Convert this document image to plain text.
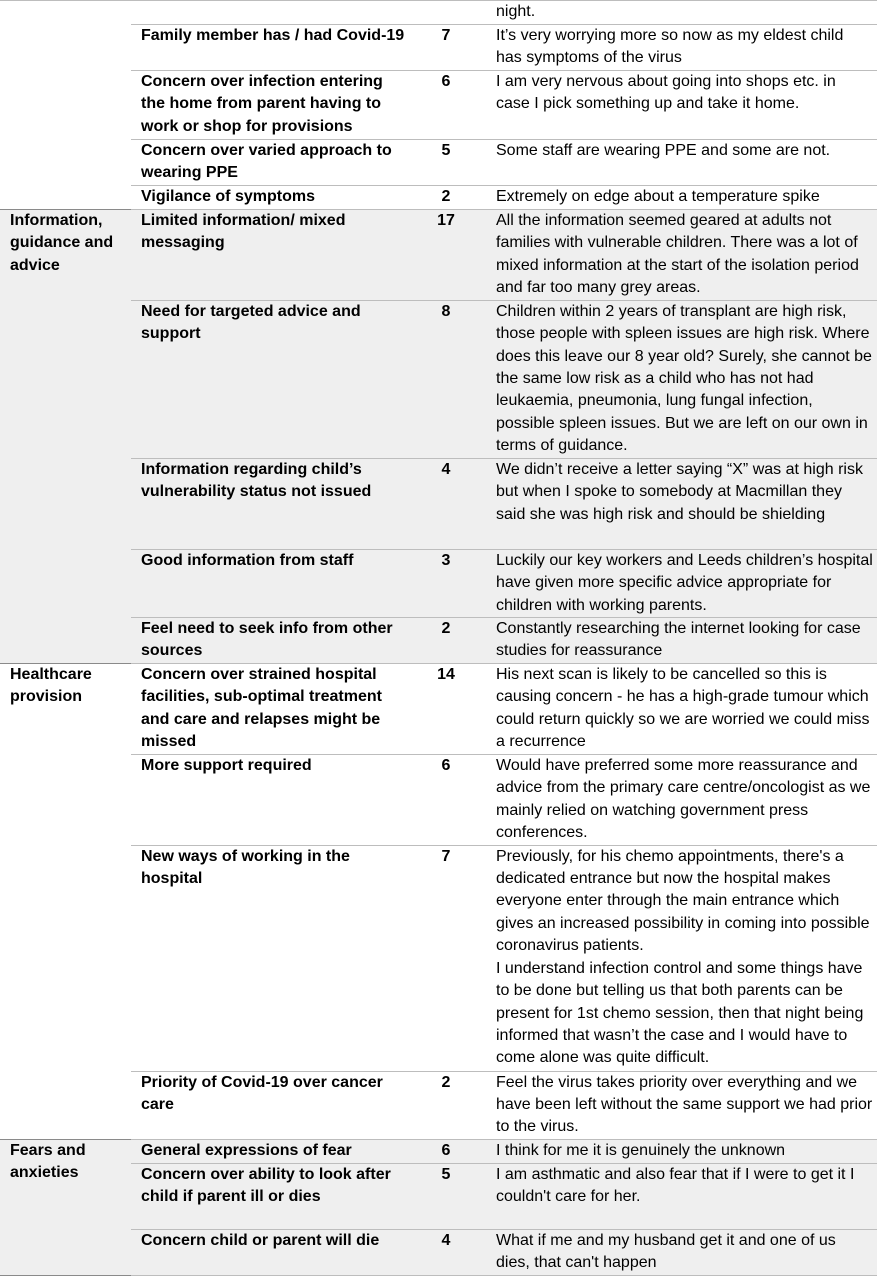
			night.
	Family member has / had Covid-19	7	It’s very worrying more so now as my eldest child has symptoms of the virus
	Concern over infection entering the home from parent having to work or shop for provisions	6	I am very nervous about going into shops etc. in case I pick something up and take it home.
	Concern over varied approach to wearing PPE	5	Some staff are wearing PPE and some are not.
	Vigilance of symptoms	2	Extremely on edge about a temperature spike
Information, guidance and advice	Limited information/ mixed messaging	17	All the information seemed geared at adults not families with vulnerable children. There was a lot of mixed information at the start of the isolation period and far too many grey areas.
	Need for targeted advice and support	8	Children within 2 years of transplant are high risk, those people with spleen issues are high risk. Where does this leave our 8 year old? Surely, she cannot be the same low risk as a child who has not had leukaemia, pneumonia, lung fungal infection, possible spleen issues. But we are left on our own in terms of guidance.
	Information regarding child’s vulnerability status not issued	4	We didn’t receive a letter saying “X” was at high risk but when I spoke to somebody at Macmillan they said she was high risk and should be shielding
	Good information from staff	3	Luckily our key workers and Leeds children’s hospital have given more specific advice appropriate for children with working parents.
	Feel need to seek info from other sources	2	Constantly researching the internet looking for case studies for reassurance
Healthcare provision	Concern over strained hospital facilities, sub-optimal treatment and care and relapses might be missed	14	His next scan is likely to be cancelled so this is causing concern - he has a high-grade tumour which could return quickly so we are worried we could miss a recurrence
	More support required	6	Would have preferred some more reassurance and advice from the primary care centre/oncologist as we mainly relied on watching government press conferences.
	New ways of working in the hospital	7	Previously, for his chemo appointments, there's a dedicated entrance but now the hospital makes everyone enter through the main entrance which gives an increased possibility in coming into possible coronavirus patients.
I understand infection control and some things have to be done but telling us that both parents can be present for 1st chemo session, then that night being informed that wasn’t the case and I would have to come alone was quite difficult.

	Priority of Covid-19 over cancer care	2	Feel the virus takes priority over everything and we have been left without the same support we had prior to the virus.
Fears and anxieties	General expressions of fear	6	I think for me it is genuinely the unknown
	Concern over ability to look after child if parent ill or dies	5	I am asthmatic and also fear that if I were to get it I couldn't care for her.
	Concern child or parent will die	4	What if me and my husband get it and one of us dies, that can't happen
